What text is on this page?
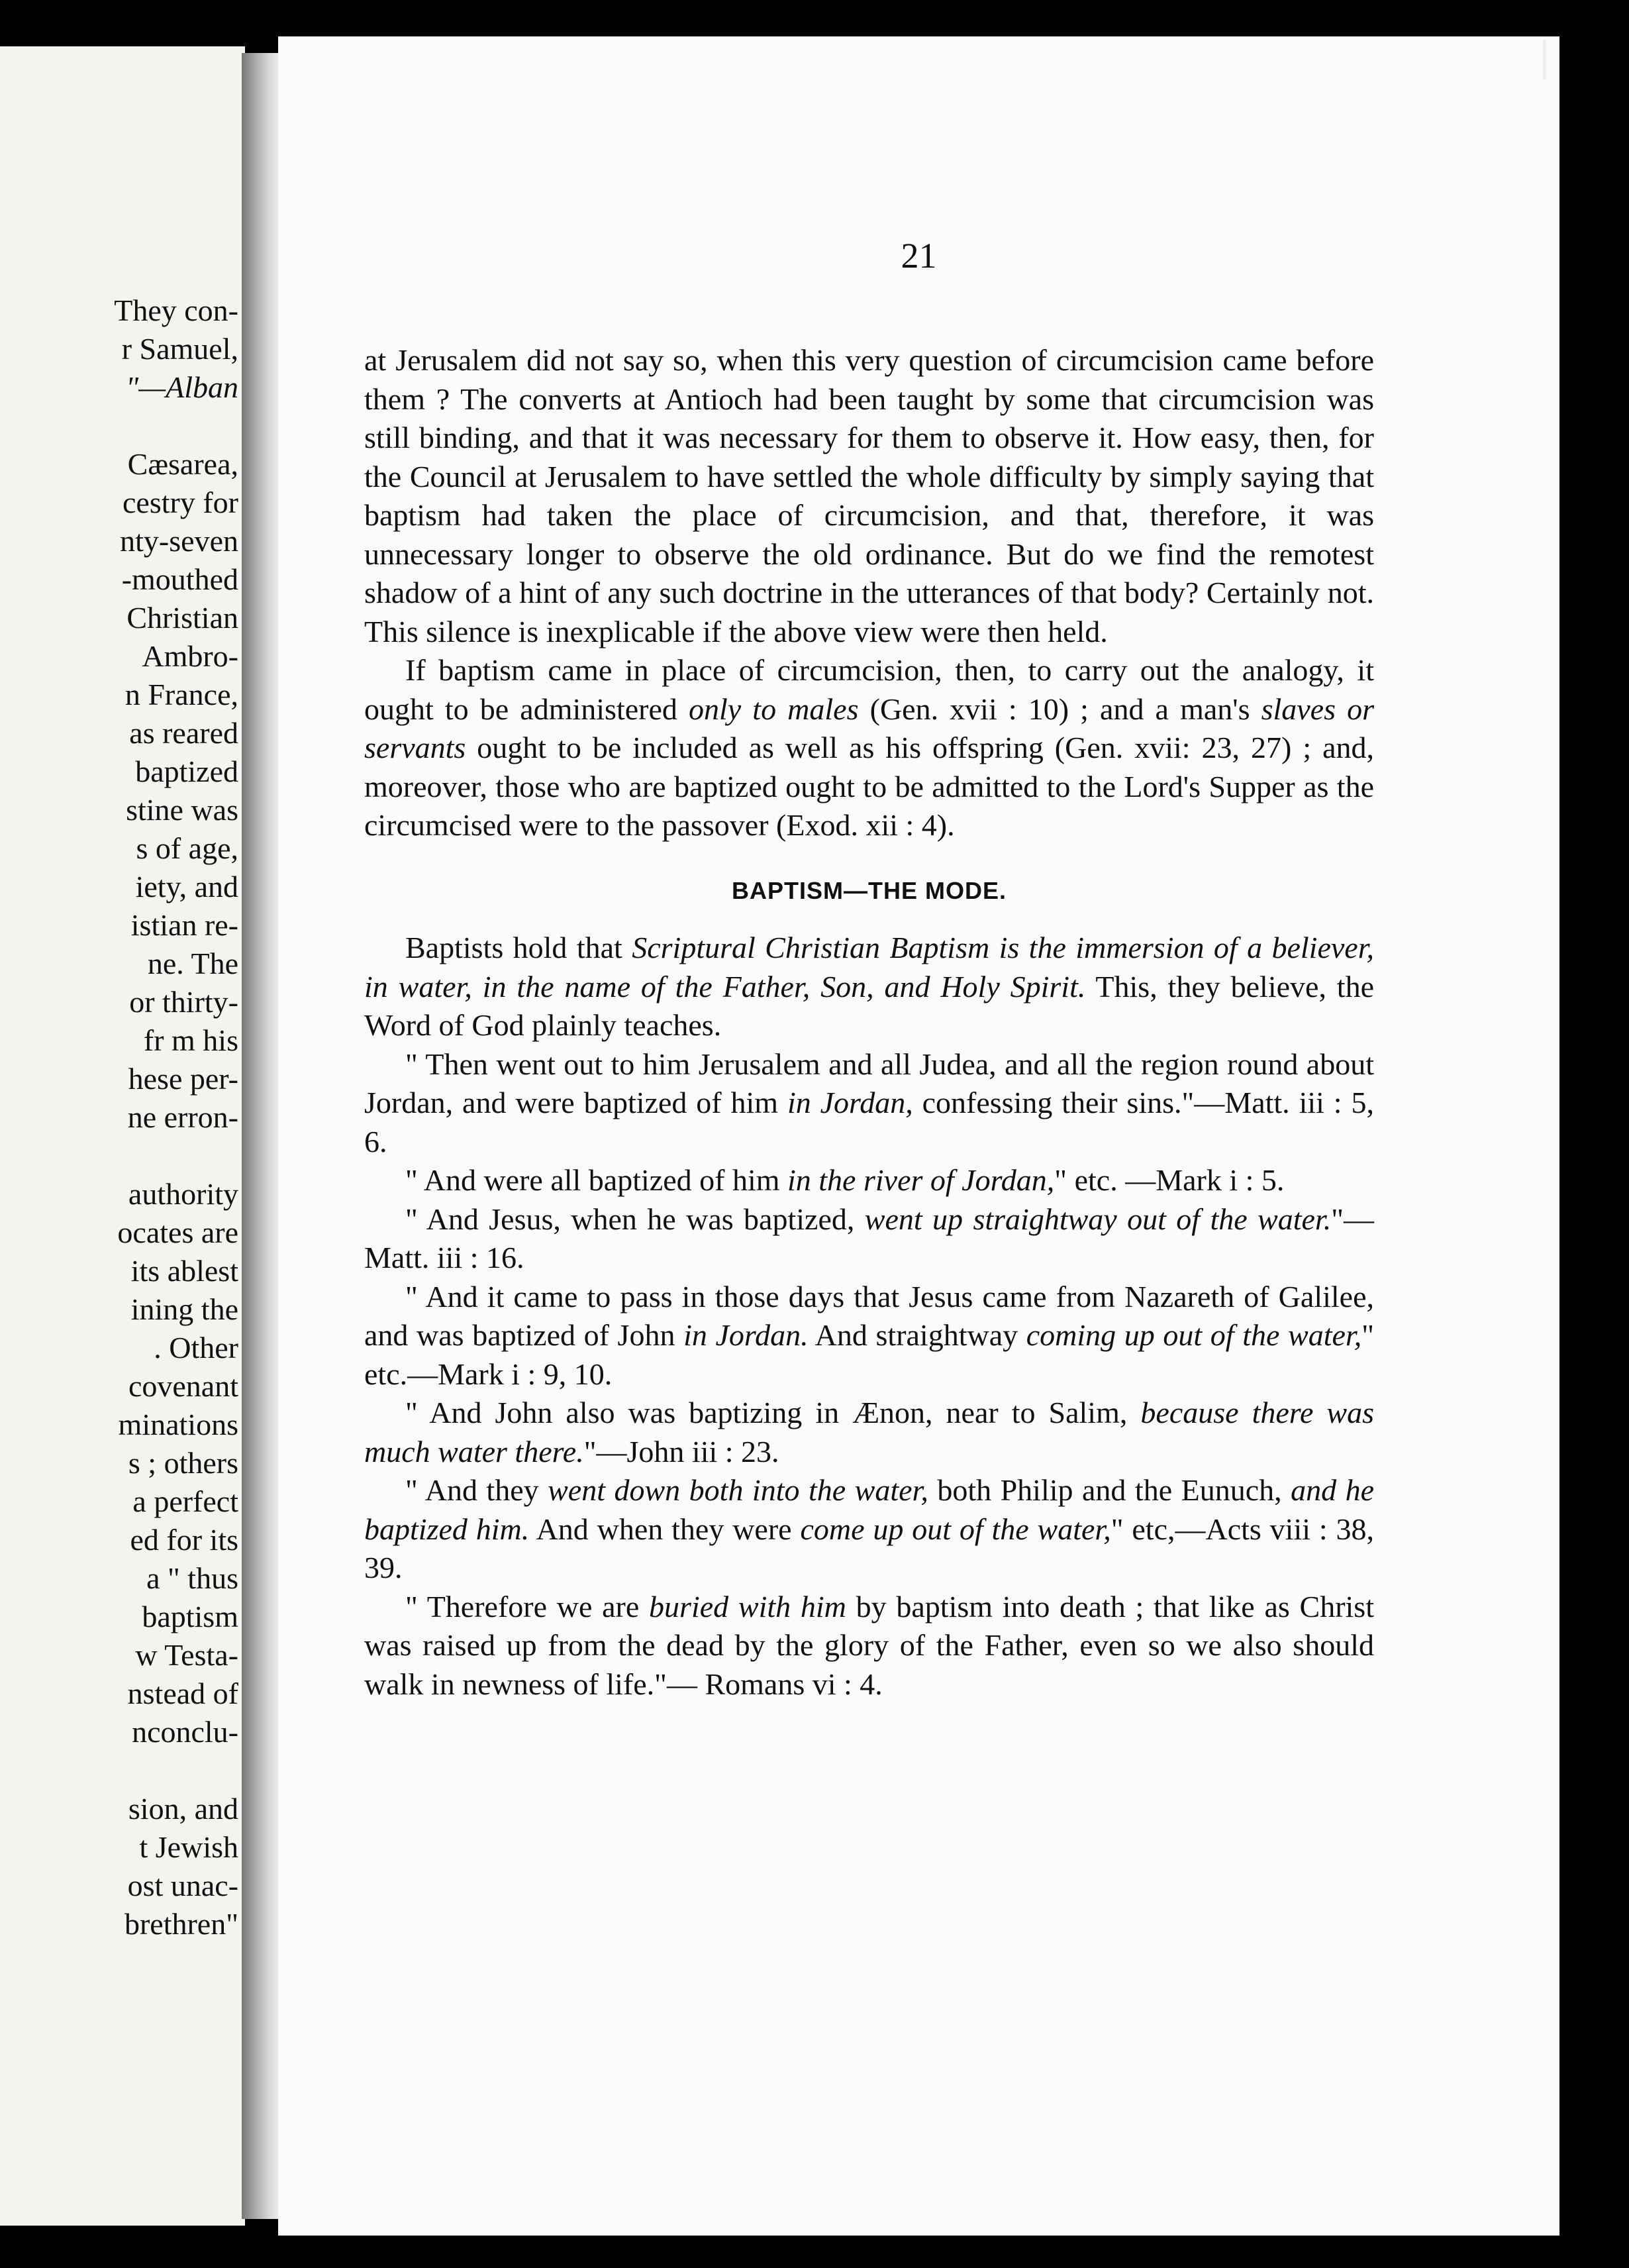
They con-
r Samuel,
"—Alban
Cæsarea,
cestry for
nty-seven
-mouthed
Christian
Ambro-
n France,
as reared
baptized
stine was
s of age,
iety, and
istian re-
ne. The
or thirty-
fr m his
hese per-
ne erron-
authority
ocates are
its ablest
ining the
. Other
covenant
minations
s ; others
a perfect
ed for its
a " thus
baptism
w Testa-
nstead of
nconclu-
sion, and
t Jewish
ost unac-
brethren"
21

at Jerusalem did not say so, when this very question of circumcision came before them ? The converts at Antioch had been taught by some that circumcision was still binding, and that it was necessary for them to observe it. How easy, then, for the Council at Jerusalem to have settled the whole difficulty by simply saying that baptism had taken the place of circumcision, and that, therefore, it was unnecessary longer to observe the old ordinance. But do we find the remotest shadow of a hint of any such doctrine in the utterances of that body? Certainly not. This silence is inexplicable if the above view were then held.

If baptism came in place of circumcision, then, to carry out the analogy, it ought to be administered only to males (Gen. xvii : 10) ; and a man's slaves or servants ought to be included as well as his offspring (Gen. xvii: 23, 27) ; and, moreover, those who are baptized ought to be admitted to the Lord's Supper as the circumcised were to the passover (Exod. xii : 4).

BAPTISM—THE MODE.

Baptists hold that Scriptural Christian Baptism is the immersion of a believer, in water, in the name of the Father, Son, and Holy Spirit. This, they believe, the Word of God plainly teaches.

" Then went out to him Jerusalem and all Judea, and all the region round about Jordan, and were baptized of him in Jordan, confessing their sins."—Matt. iii : 5, 6.

" And were all baptized of him in the river of Jordan," etc. —Mark i : 5.

" And Jesus, when he was baptized, went up straightway out of the water."—Matt. iii : 16.

" And it came to pass in those days that Jesus came from Nazareth of Galilee, and was baptized of John in Jordan. And straightway coming up out of the water," etc.—Mark i : 9, 10.

" And John also was baptizing in Ænon, near to Salim, because there was much water there."—John iii : 23.

" And they went down both into the water, both Philip and the Eunuch, and he baptized him. And when they were come up out of the water," etc,—Acts viii : 38, 39.

" Therefore we are buried with him by baptism into death ; that like as Christ was raised up from the dead by the glory of the Father, even so we also should walk in newness of life."— Romans vi : 4.
